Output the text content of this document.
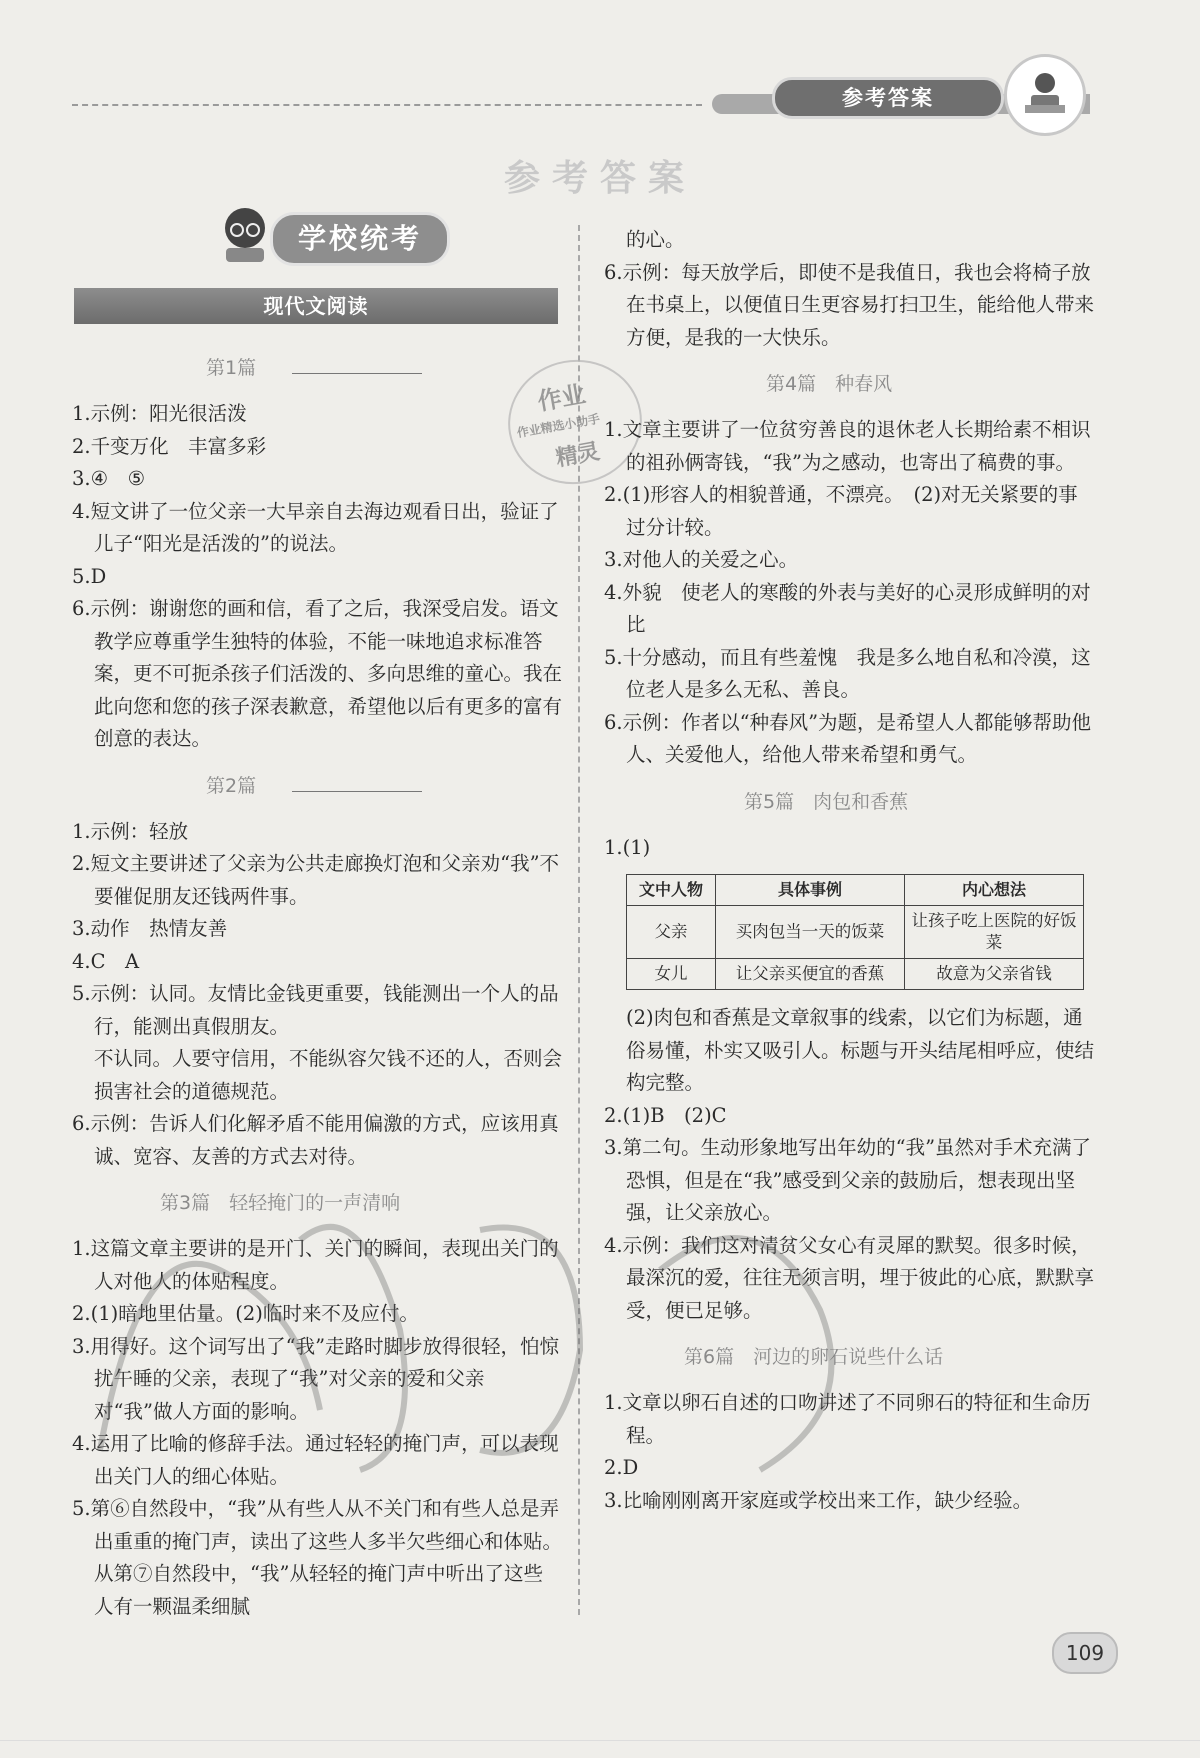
参考答案
参考答案
学校统考
现代文阅读
作业
作业精选小助手
精灵
第1篇

1.示例：阳光很活泼

2.千变万化　丰富多彩

3.④　⑤

4.短文讲了一位父亲一大早亲自去海边观看日出，验证了儿子“阳光是活泼的”的说法。

5.D

6.示例：谢谢您的画和信，看了之后，我深受启发。语文教学应尊重学生独特的体验，不能一味地追求标准答案，更不可扼杀孩子们活泼的、多向思维的童心。我在此向您和您的孩子深表歉意，希望他以后有更多的富有创意的表达。

第2篇

1.示例：轻放

2.短文主要讲述了父亲为公共走廊换灯泡和父亲劝“我”不要催促朋友还钱两件事。

3.动作　热情友善

4.C　A

5.示例：认同。友情比金钱更重要，钱能测出一个人的品行，能测出真假朋友。

不认同。人要守信用，不能纵容欠钱不还的人，否则会损害社会的道德规范。

6.示例：告诉人们化解矛盾不能用偏激的方式，应该用真诚、宽容、友善的方式去对待。

第3篇　轻轻掩门的一声清响

1.这篇文章主要讲的是开门、关门的瞬间，表现出关门的人对他人的体贴程度。

2.(1)暗地里估量。(2)临时来不及应付。

3.用得好。这个词写出了“我”走路时脚步放得很轻，怕惊扰午睡的父亲，表现了“我”对父亲的爱和父亲对“我”做人方面的影响。

4.运用了比喻的修辞手法。通过轻轻的掩门声，可以表现出关门人的细心体贴。

5.第⑥自然段中，“我”从有些人从不关门和有些人总是弄出重重的掩门声，读出了这些人多半欠些细心和体贴。从第⑦自然段中，“我”从轻轻的掩门声中听出了这些人有一颗温柔细腻

的心。

6.示例：每天放学后，即使不是我值日，我也会将椅子放在书桌上，以便值日生更容易打扫卫生，能给他人带来方便，是我的一大快乐。

第4篇　种春风

1.文章主要讲了一位贫穷善良的退休老人长期给素不相识的祖孙俩寄钱，“我”为之感动，也寄出了稿费的事。

2.(1)形容人的相貌普通，不漂亮。　(2)对无关紧要的事过分计较。

3.对他人的关爱之心。

4.外貌　使老人的寒酸的外表与美好的心灵形成鲜明的对比

5.十分感动，而且有些羞愧　我是多么地自私和冷漠，这位老人是多么无私、善良。

6.示例：作者以“种春风”为题，是希望人人都能够帮助他人、关爱他人，给他人带来希望和勇气。

第5篇　肉包和香蕉

1.(1)

文中人物	具体事例	内心想法
父亲	买肉包当一天的饭菜	让孩子吃上医院的好饭菜
女儿	让父亲买便宜的香蕉	故意为父亲省钱

(2)肉包和香蕉是文章叙事的线索，以它们为标题，通俗易懂，朴实又吸引人。标题与开头结尾相呼应，使结构完整。

2.(1)B　(2)C

3.第二句。生动形象地写出年幼的“我”虽然对手术充满了恐惧，但是在“我”感受到父亲的鼓励后，想表现出坚强，让父亲放心。

4.示例：我们这对清贫父女心有灵犀的默契。很多时候，最深沉的爱，往往无须言明，埋于彼此的心底，默默享受，便已足够。

第6篇　河边的卵石说些什么话

1.文章以卵石自述的口吻讲述了不同卵石的特征和生命历程。

2.D

3.比喻刚刚离开家庭或学校出来工作，缺少经验。

109
